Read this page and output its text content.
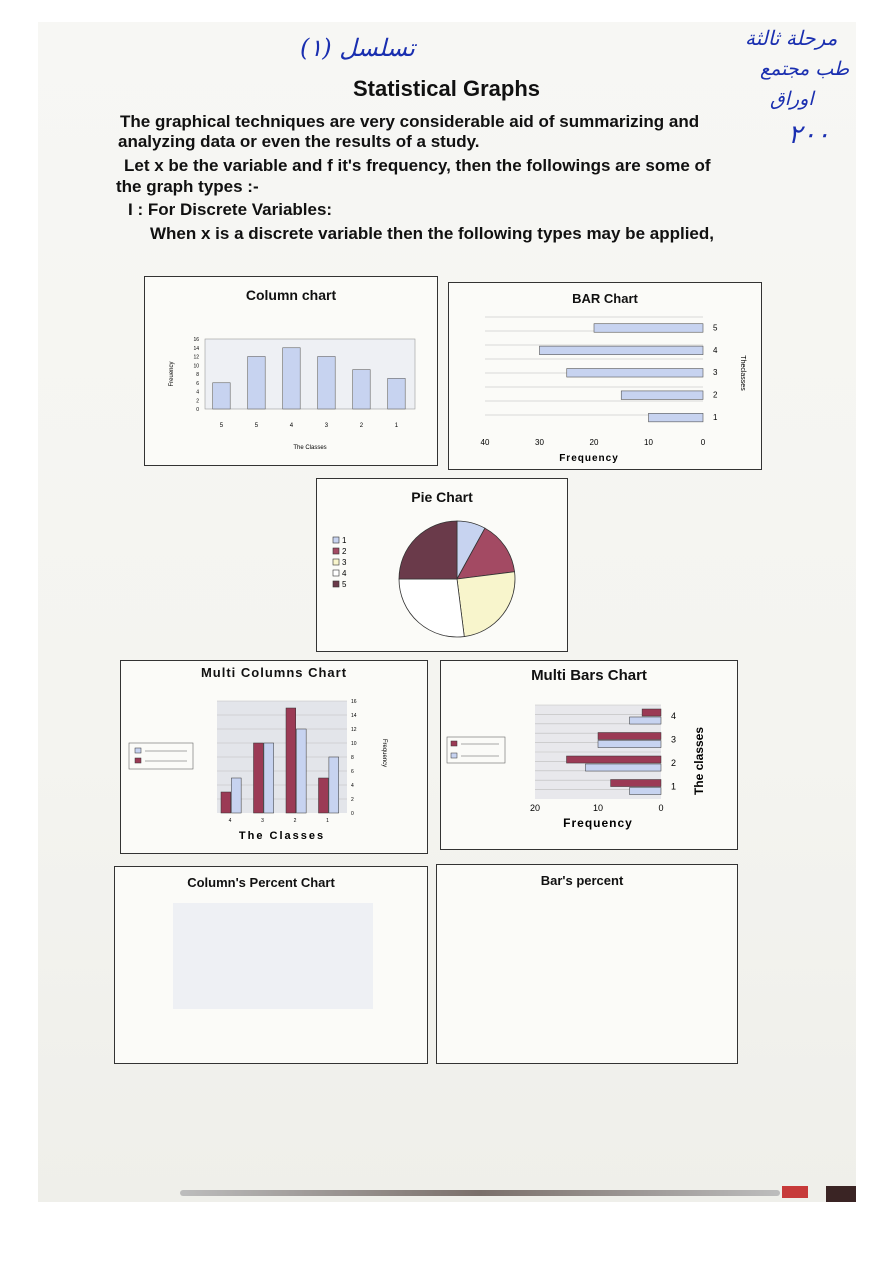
تسلسل (١)	مرحلة ثالثة
طب مجتمع
اوراق
٢٠٠
Statistical Graphs
The graphical techniques are very considerable aid of summarizing and
analyzing data or even the results of a study.
Let x be the variable and f it's frequency, then the followings are some of
the graph types :-
I : For Discrete Variables:
When x is a discrete variable then the following types may be applied,
Column chart
0
2
4
6
8
10
12
14
16
5	5	4	3	2	1
The Classes
Freuency
BAR Chart
1
2
3
4
5
40	30	20	10	0
Frequency
Theclasses
Pie Chart
1
2
3
4
5
Multi Columns Chart
4	3	2	1
0
2
4
6
8
10
12
14
16
The Classes
Frequency
Multi Bars Chart
1
2
3
4
20	10	0
Frequency
The classes
Column's Percent Chart	Bar's percent
